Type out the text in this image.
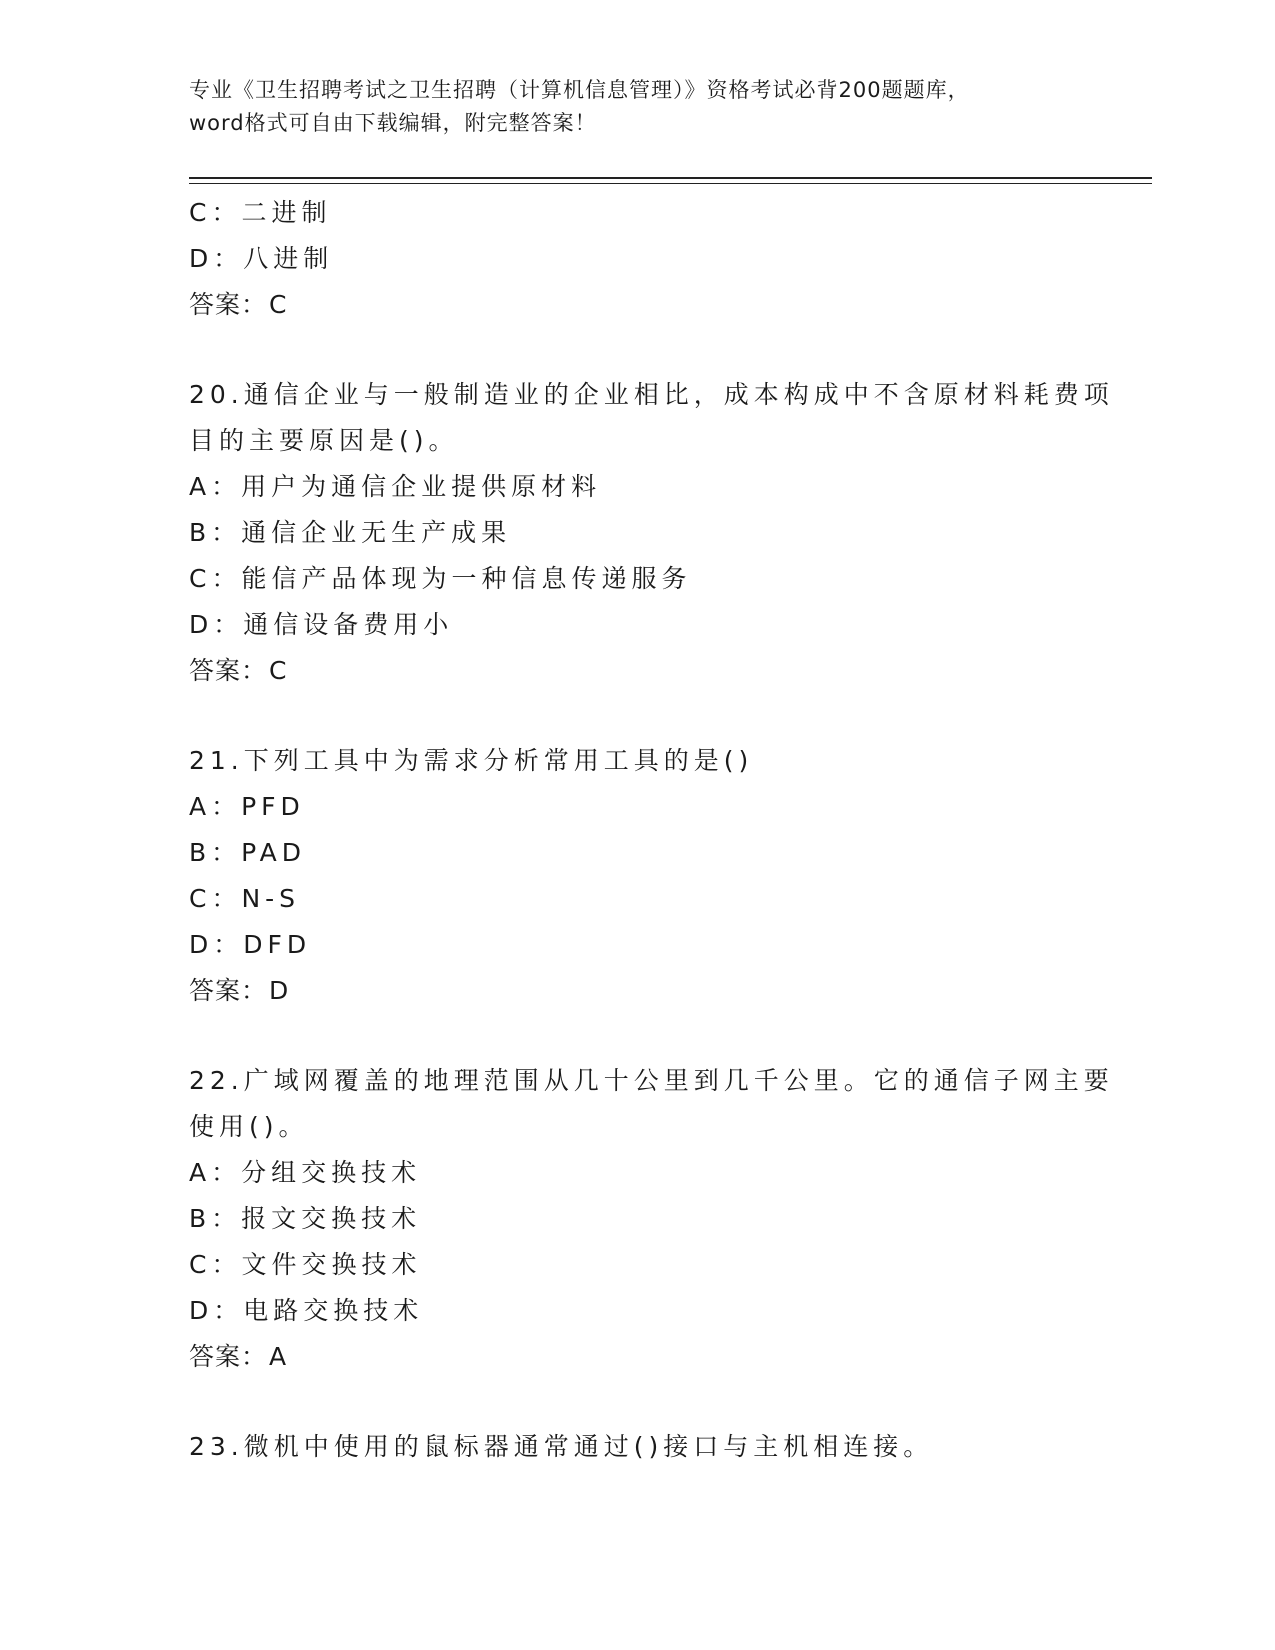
专业《卫生招聘考试之卫生招聘（计算机信息管理）》资格考试必背200题题库，
word格式可自由下载编辑，附完整答案！
C：二进制
D：八进制
答案：C
20.通信企业与一般制造业的企业相比，成本构成中不含原材料耗费项
目的主要原因是()。
A：用户为通信企业提供原材料
B：通信企业无生产成果
C：能信产品体现为一种信息传递服务
D：通信设备费用小
答案：C
21.下列工具中为需求分析常用工具的是()
A：PFD
B：PAD
C：N-S
D：DFD
答案：D
22.广域网覆盖的地理范围从几十公里到几千公里。它的通信子网主要
使用()。
A：分组交换技术
B：报文交换技术
C：文件交换技术
D：电路交换技术
答案：A
23.微机中使用的鼠标器通常通过()接口与主机相连接。
